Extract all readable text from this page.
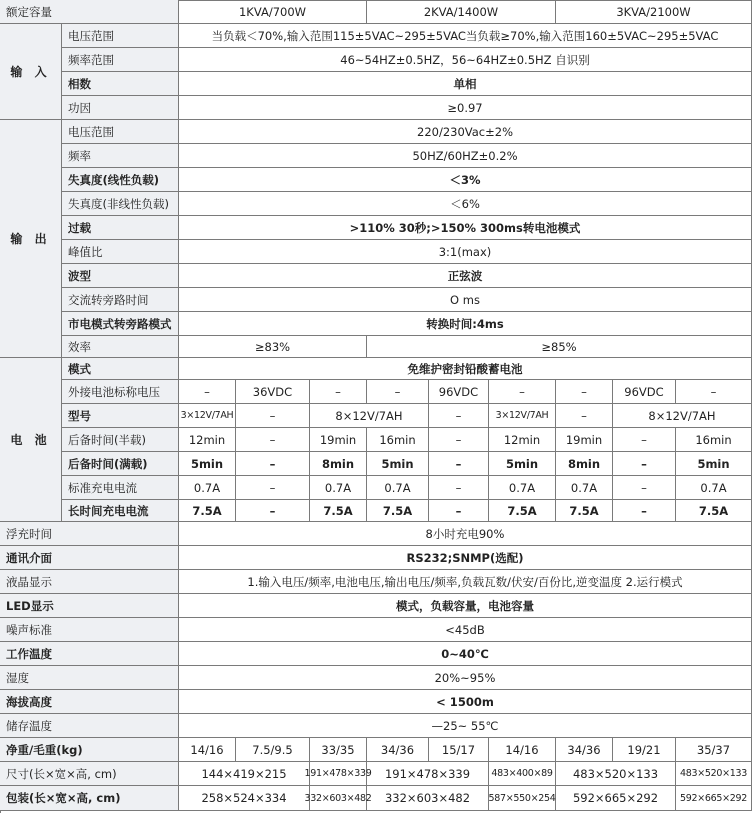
额定容量	1KVA/700W	2KVA/1400W	3KVA/2100W
输 入
电压范围	当负载＜70%,输入范围115±5VAC~295±5VAC当负载≥70%,输入范围160±5VAC~295±5VAC
频率范围	46~54HZ±0.5HZ，56~64HZ±0.5HZ 自识别
相数	单相
功因	≥0.97
输 出
电压范围	220/230Vac±2%
频率	50HZ/60HZ±0.2%
失真度(线性负载)	＜3%
失真度(非线性负载)	＜6%
过载	>110% 30秒;>150% 300ms转电池模式
峰值比	3:1(max)
波型	正弦波
交流转旁路时间	O ms
市电模式转旁路模式	转换时间:4ms
效率	≥83%	≥85%
电 池
模式	免维护密封铅酸蓄电池
外接电池标称电压	–	36VDC	–	–	96VDC	–	–	96VDC	–
型号	3×12V/7AH	–	8×12V/7AH	–	3×12V/7AH	–	8×12V/7AH
后备时间(半载)	12min	–	19min	16min	–	12min	19min	–	16min
后备时间(满载)	5min	–	8min	5min	–	5min	8min	–	5min
标准充电电流	0.7A	–	0.7A	0.7A	–	0.7A	0.7A	–	0.7A
长时间充电电流	7.5A	–	7.5A	7.5A	–	7.5A	7.5A	–	7.5A
浮充时间	8小时充电90%
通讯介面	RS232;SNMP(选配)
液晶显示	1.输入电压/频率,电池电压,输出电压/频率,负载瓦数/伏安/百份比,逆变温度 2.运行模式
LED显示	模式，负载容量，电池容量
噪声标准	<45dB
工作温度	0~40℃
湿度	20%~95%
海拔高度	< 1500m
储存温度	—25~ 55℃
净重/毛重(kg)	14/16	7.5/9.5	33/35	34/36	15/17	14/16	34/36	19/21	35/37
尺寸(长×宽×高, cm)	144×419×215	191×478×339	191×478×339	483×400×89	483×520×133	483×520×133
包装(长×宽×高, cm)	258×524×334	332×603×482	332×603×482	587×550×254	592×665×292	592×665×292
